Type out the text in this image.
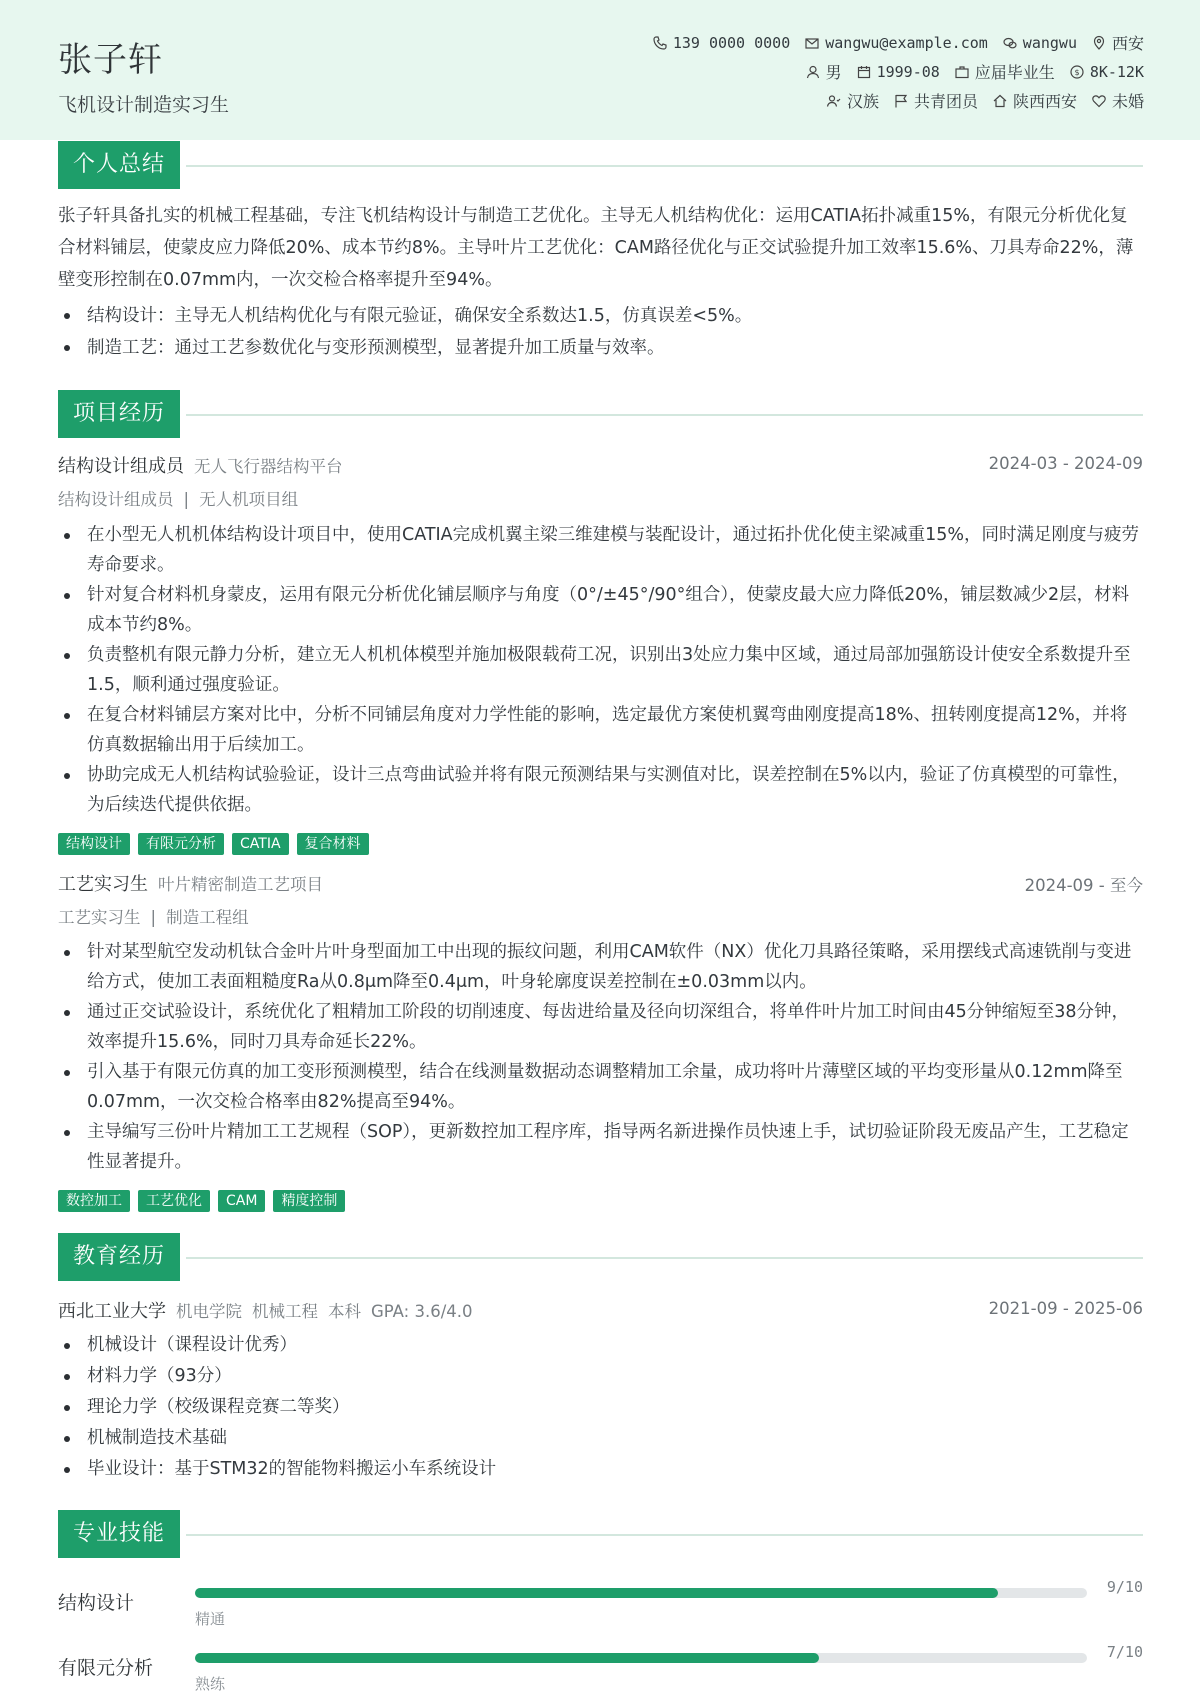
张子轩
飞机设计制造实习生
139 0000 0000 wangwu@example.com wangwu 西安
男 1999-08 应届毕业生 $ 8K-12K
汉族 共青团员 陕西西安 未婚
个人总结
张子轩具备扎实的机械工程基础，专注飞机结构设计与制造工艺优化。主导无人机结构优化：运用CATIA拓扑减重15%，有限元分析优化复合材料铺层，使蒙皮应力降低20%、成本节约8%。主导叶片工艺优化：CAM路径优化与正交试验提升加工效率15.6%、刀具寿命22%，薄壁变形控制在0.07mm内，一次交检合格率提升至94%。
结构设计：主导无人机结构优化与有限元验证，确保安全系数达1.5，仿真误差<5%。
制造工艺：通过工艺参数优化与变形预测模型，显著提升加工质量与效率。
项目经历
结构设计组成员 无人飞行器结构平台	2024-03 - 2024-09
结构设计组成员 | 无人机项目组
在小型无人机机体结构设计项目中，使用CATIA完成机翼主梁三维建模与装配设计，通过拓扑优化使主梁减重15%，同时满足刚度与疲劳寿命要求。
针对复合材料机身蒙皮，运用有限元分析优化铺层顺序与角度（0°/±45°/90°组合），使蒙皮最大应力降低20%，铺层数减少2层，材料成本节约8%。
负责整机有限元静力分析，建立无人机机体模型并施加极限载荷工况，识别出3处应力集中区域，通过局部加强筋设计使安全系数提升至1.5，顺利通过强度验证。
在复合材料铺层方案对比中，分析不同铺层角度对力学性能的影响，选定最优方案使机翼弯曲刚度提高18%、扭转刚度提高12%，并将仿真数据输出用于后续加工。
协助完成无人机结构试验验证，设计三点弯曲试验并将有限元预测结果与实测值对比，误差控制在5%以内，验证了仿真模型的可靠性，为后续迭代提供依据。
结构设计	有限元分析	CATIA	复合材料
工艺实习生 叶片精密制造工艺项目	2024-09 - 至今
工艺实习生 | 制造工程组
针对某型航空发动机钛合金叶片叶身型面加工中出现的振纹问题，利用CAM软件（NX）优化刀具路径策略，采用摆线式高速铣削与变进给方式，使加工表面粗糙度Ra从0.8μm降至0.4μm，叶身轮廓度误差控制在±0.03mm以内。
通过正交试验设计，系统优化了粗精加工阶段的切削速度、每齿进给量及径向切深组合，将单件叶片加工时间由45分钟缩短至38分钟，效率提升15.6%，同时刀具寿命延长22%。
引入基于有限元仿真的加工变形预测模型，结合在线测量数据动态调整精加工余量，成功将叶片薄壁区域的平均变形量从0.12mm降至0.07mm，一次交检合格率由82%提高至94%。
主导编写三份叶片精加工工艺规程（SOP），更新数控加工程序库，指导两名新进操作员快速上手，试切验证阶段无废品产生，工艺稳定性显著提升。
数控加工	工艺优化	CAM	精度控制
教育经历
西北工业大学 机电学院 机械工程 本科 GPA: 3.6/4.0	2021-09 - 2025-06
机械设计（课程设计优秀）
材料力学（93分）
理论力学（校级课程竞赛二等奖）
机械制造技术基础
毕业设计：基于STM32的智能物料搬运小车系统设计
专业技能
结构设计
9/10
精通
有限元分析
7/10
熟练
